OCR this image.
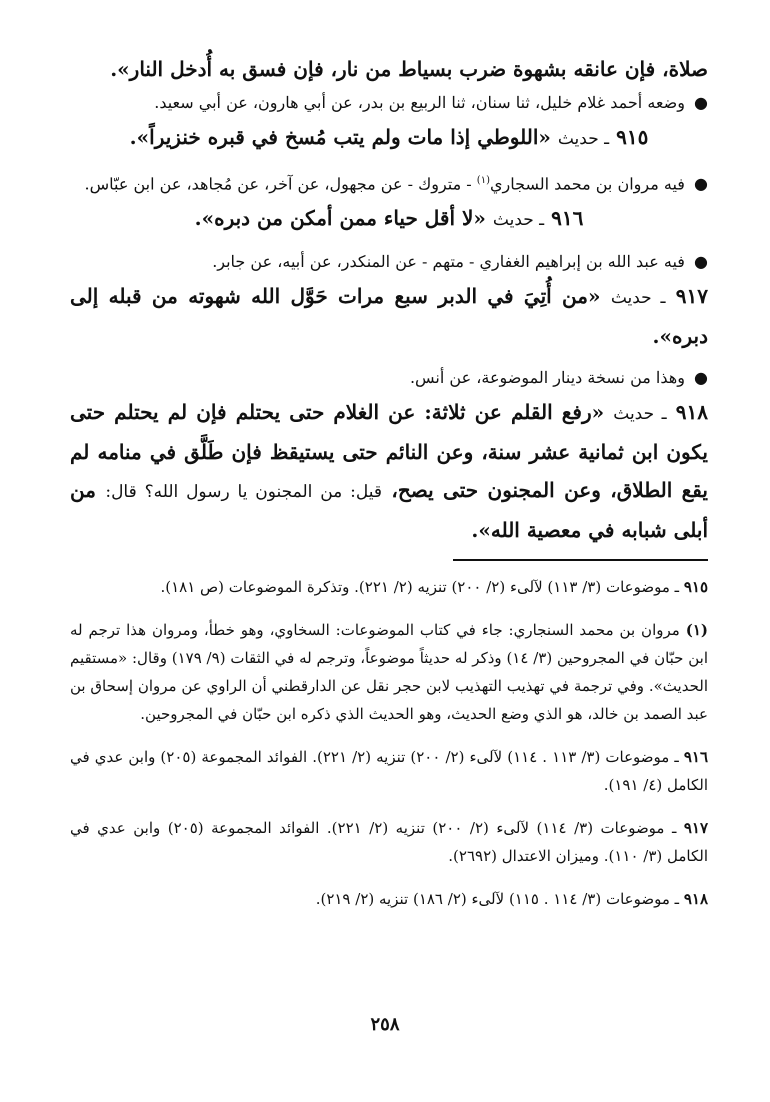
صلاة، فإن عانقه بشهوة ضرب بسياط من نار، فإن فسق به أُدخل النار».

● وضعه أحمد غلام خليل، ثنا سنان، ثنا الربيع بن بدر، عن أبي هارون، عن أبي سعيد.

٩١٥ ـ حديث «اللوطي إذا مات ولم يتب مُسخ في قبره خنزيراً».

● فيه مروان بن محمد السجاري$^{(١)}$ - متروك - عن مجهول، عن آخر، عن مُجاهد، عن ابن عبّاس.

٩١٦ ـ حديث «لا أقل حياء ممن أمكن من دبره».

● فيه عبد الله بن إبراهيم الغفاري - متهم - عن المنكدر، عن أبيه، عن جابر.

٩١٧ ـ حديث «من أُتِيَ في الدبر سبع مرات حَوَّل الله شهوته من قبله إلى دبره».

● وهذا من نسخة دينار الموضوعة، عن أنس.

٩١٨ ـ حديث «رفع القلم عن ثلاثة: عن الغلام حتى يحتلم فإن لم يحتلم حتى يكون ابن ثمانية عشر سنة، وعن النائم حتى يستيقظ فإن طَلَّق في منامه لم يقع الطلاق، وعن المجنون حتى يصح، قيل: من المجنون يا رسول الله؟ قال: من أبلى شبابه في معصية الله».

٩١٥ ـ موضوعات (٣/ ١١٣) لآلىء (٢/ ٢٠٠) تنزيه (٢/ ٢٢١). وتذكرة الموضوعات (ص ١٨١).

(١) مروان بن محمد السنجاري: جاء في كتاب الموضوعات: السخاوي، وهو خطأ، ومروان هذا ترجم له ابن حبّان في المجروحين (٣/ ١٤) وذكر له حديثاً موضوعاً، وترجم له في الثقات (٩/ ١٧٩) وقال: «مستقيم الحديث». وفي ترجمة في تهذيب التهذيب لابن حجر نقل عن الدارقطني أن الراوي عن مروان إسحاق بن عبد الصمد بن خالد، هو الذي وضع الحديث، وهو الحديث الذي ذكره ابن حبّان في المجروحين.

٩١٦ ـ موضوعات (٣/ ١١٣ . ١١٤) لآلىء (٢/ ٢٠٠) تنزيه (٢/ ٢٢١). الفوائد المجموعة (٢٠٥) وابن عدي في الكامل (٤/ ١٩١).

٩١٧ ـ موضوعات (٣/ ١١٤) لآلىء (٢/ ٢٠٠) تنزيه (٢/ ٢٢١). الفوائد المجموعة (٢٠٥) وابن عدي في الكامل (٣/ ١١٠). وميزان الاعتدال (٢٦٩٢).

٩١٨ ـ موضوعات (٣/ ١١٤ . ١١٥) لآلىء (٢/ ١٨٦) تنزيه (٢/ ٢١٩).

٢٥٨
